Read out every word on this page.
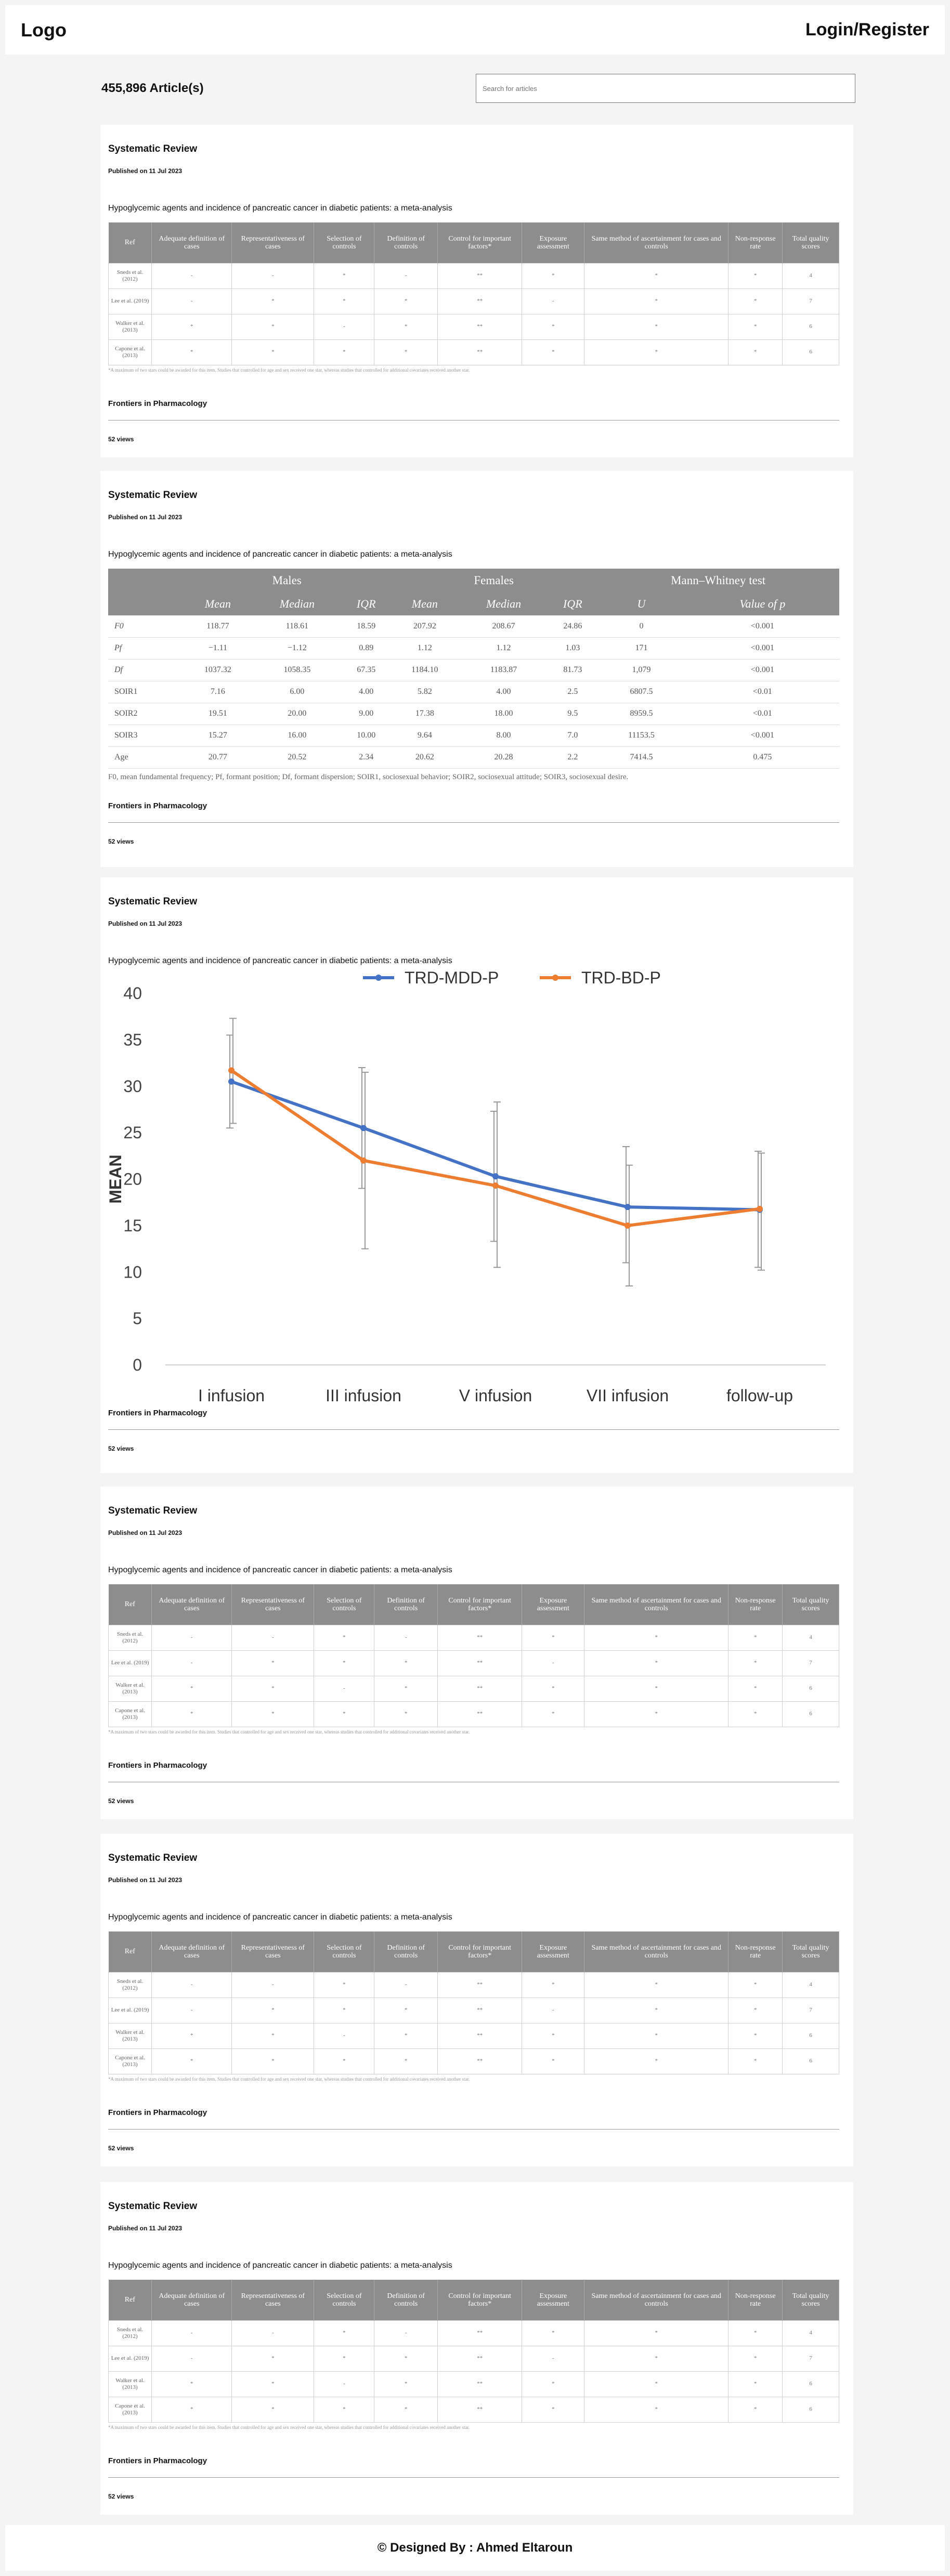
Logo	Login/Register
455,896 Article(s)
Search for articles
Systematic Review
Published on 11 Jul 2023
Hypoglycemic agents and incidence of pancreatic cancer in diabetic patients: a meta-analysis
Ref	Adequate definition of cases	Representativeness of cases	Selection of controls	Definition of controls	Control for important factors*	Exposure assessment	Same method of ascertainment for cases and controls	Non-response rate	Total quality scores
Sneds et al. (2012)	-	-	*	-	**	*	*	*	4
Lee et al. (2019)	-	*	*	*	**	-	*	*	7
Walker et al. (2013)	*	*	-	*	**	*	*	*	6
Capone et al. (2013)	*	*	*	*	**	*	*	*	6
*A maximum of two stars could be awarded for this item. Studies that controlled for age and sex received one star, whereas studies that controlled for additional covariates received another star.
Frontiers in Pharmacology
52 views
Systematic Review
Published on 11 Jul 2023
Hypoglycemic agents and incidence of pancreatic cancer in diabetic patients: a meta-analysis
	Males			Females			Mann–Whitney test	
	Mean	Median	IQR	Mean	Median	IQR	U	Value of p
F0	118.77	118.61	18.59	207.92	208.67	24.86	0	<0.001
Pf	−1.11	−1.12	0.89	1.12	1.12	1.03	171	<0.001
Df	1037.32	1058.35	67.35	1184.10	1183.87	81.73	1,079	<0.001
SOIR1	7.16	6.00	4.00	5.82	4.00	2.5	6807.5	<0.01
SOIR2	19.51	20.00	9.00	17.38	18.00	9.5	8959.5	<0.01
SOIR3	15.27	16.00	10.00	9.64	8.00	7.0	11153.5	<0.001
Age	20.77	20.52	2.34	20.62	20.28	2.2	7414.5	0.475
F0, mean fundamental frequency; Pf, formant position; Df, formant dispersion; SOIR1, sociosexual behavior; SOIR2, sociosexual attitude; SOIR3, sociosexual desire.
Frontiers in Pharmacology
52 views
Systematic Review
Published on 11 Jul 2023
Hypoglycemic agents and incidence of pancreatic cancer in diabetic patients: a meta-analysis
0
5
10
15
20
25
30
35
40
MEAN
I infusion	III infusion	V infusion	VII infusion	follow-up
TRD-MDD-P	TRD-BD-P
Frontiers in Pharmacology
52 views
Systematic Review
Published on 11 Jul 2023
Hypoglycemic agents and incidence of pancreatic cancer in diabetic patients: a meta-analysis
Ref	Adequate definition of cases	Representativeness of cases	Selection of controls	Definition of controls	Control for important factors*	Exposure assessment	Same method of ascertainment for cases and controls	Non-response rate	Total quality scores
Sneds et al. (2012)	-	-	*	-	**	*	*	*	4
Lee et al. (2019)	-	*	*	*	**	-	*	*	7
Walker et al. (2013)	*	*	-	*	**	*	*	*	6
Capone et al. (2013)	*	*	*	*	**	*	*	*	6
*A maximum of two stars could be awarded for this item. Studies that controlled for age and sex received one star, whereas studies that controlled for additional covariates received another star.
Frontiers in Pharmacology
52 views
Systematic Review
Published on 11 Jul 2023
Hypoglycemic agents and incidence of pancreatic cancer in diabetic patients: a meta-analysis
Ref	Adequate definition of cases	Representativeness of cases	Selection of controls	Definition of controls	Control for important factors*	Exposure assessment	Same method of ascertainment for cases and controls	Non-response rate	Total quality scores
Sneds et al. (2012)	-	-	*	-	**	*	*	*	4
Lee et al. (2019)	-	*	*	*	**	-	*	*	7
Walker et al. (2013)	*	*	-	*	**	*	*	*	6
Capone et al. (2013)	*	*	*	*	**	*	*	*	6
*A maximum of two stars could be awarded for this item. Studies that controlled for age and sex received one star, whereas studies that controlled for additional covariates received another star.
Frontiers in Pharmacology
52 views
Systematic Review
Published on 11 Jul 2023
Hypoglycemic agents and incidence of pancreatic cancer in diabetic patients: a meta-analysis
Ref	Adequate definition of cases	Representativeness of cases	Selection of controls	Definition of controls	Control for important factors*	Exposure assessment	Same method of ascertainment for cases and controls	Non-response rate	Total quality scores
Sneds et al. (2012)	-	-	*	-	**	*	*	*	4
Lee et al. (2019)	-	*	*	*	**	-	*	*	7
Walker et al. (2013)	*	*	-	*	**	*	*	*	6
Capone et al. (2013)	*	*	*	*	**	*	*	*	6
*A maximum of two stars could be awarded for this item. Studies that controlled for age and sex received one star, whereas studies that controlled for additional covariates received another star.
Frontiers in Pharmacology
52 views
© Designed By : Ahmed Eltaroun
